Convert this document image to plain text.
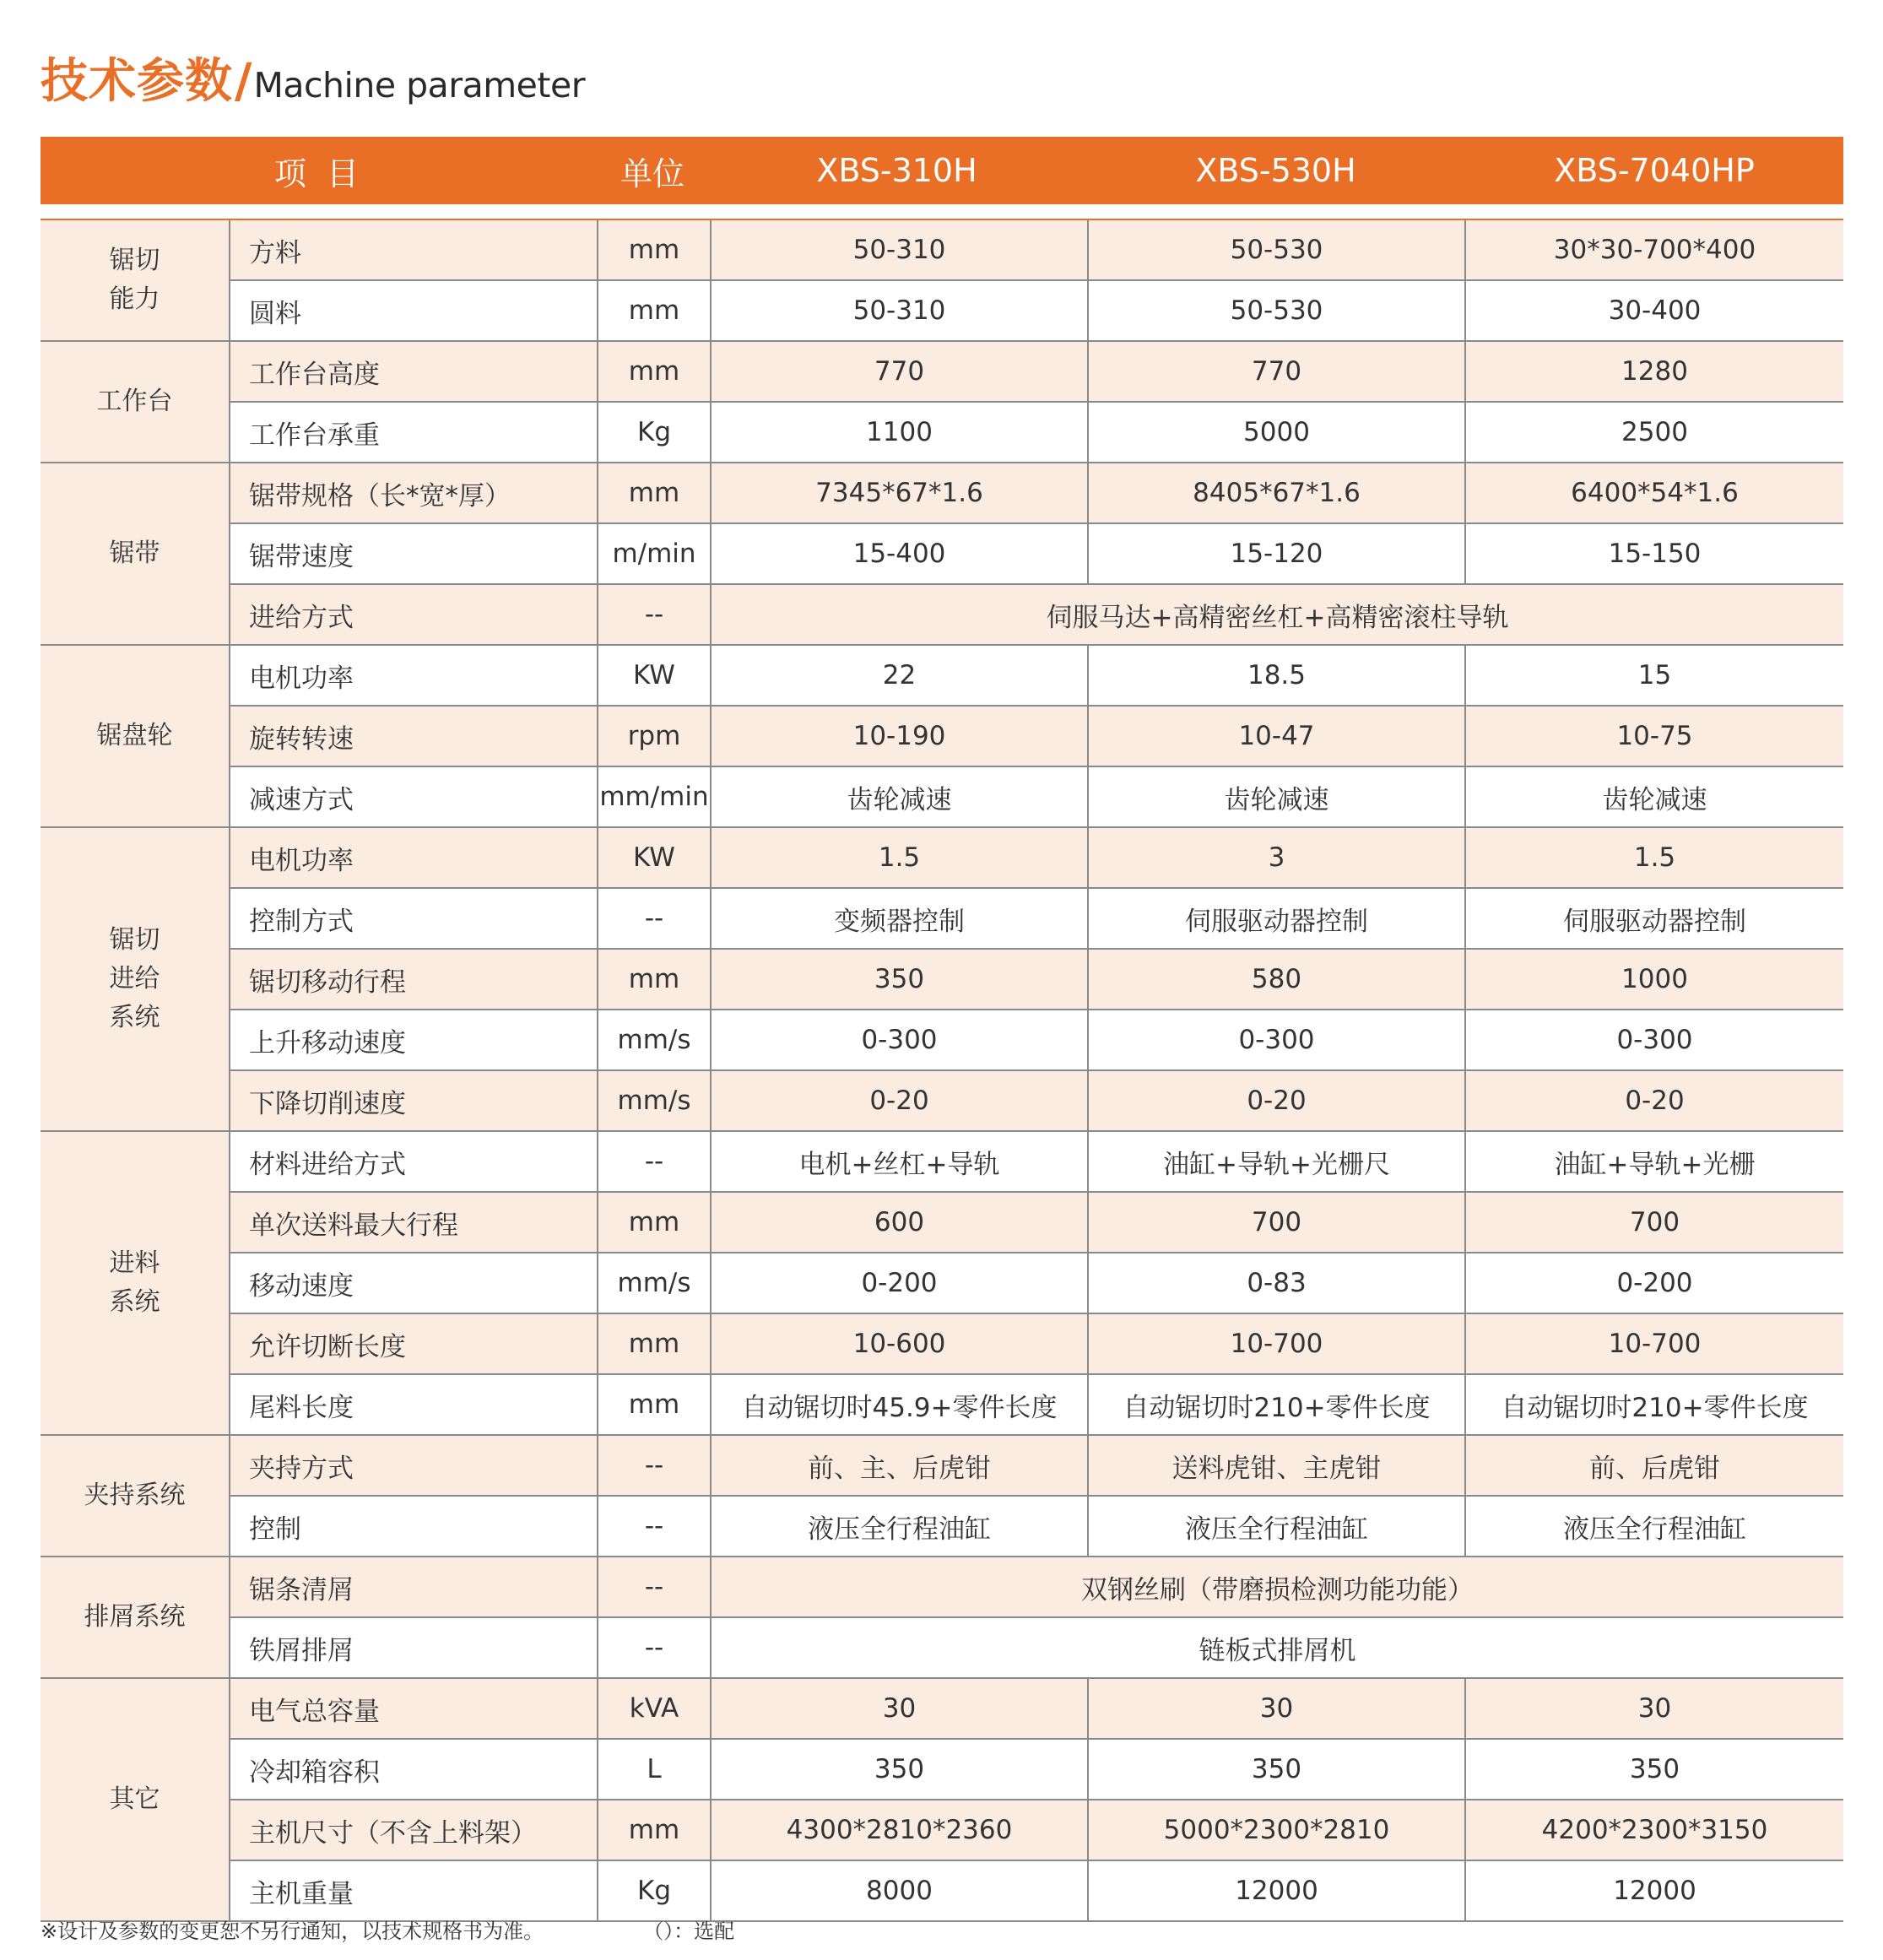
技术参数 / Machine parameter
项 目	单位	XBS-310H	XBS-530H	XBS-7040HP
锯切
能力	方料	mm	50-310	50-530	30*30-700*400
	圆料	mm	50-310	50-530	30-400

工作台	工作台高度	mm	770	770	1280
	工作台承重	Kg	1100	5000	2500

锯带	锯带规格（长*宽*厚）	mm	7345*67*1.6	8405*67*1.6	6400*54*1.6
	锯带速度	m/min	15-400	15-120	15-150
	进给方式	--	伺服马达+高精密丝杠+高精密滚柱导轨		

锯盘轮	电机功率	KW	22	18.5	15
	旋转转速	rpm	10-190	10-47	10-75
	减速方式	mm/min	齿轮减速	齿轮减速	齿轮减速

锯切
进给
系统	电机功率	KW	1.5	3	1.5
	控制方式	--	变频器控制	伺服驱动器控制	伺服驱动器控制
	锯切移动行程	mm	350	580	1000
	上升移动速度	mm/s	0-300	0-300	0-300
	下降切削速度	mm/s	0-20	0-20	0-20

进料
系统	材料进给方式	--	电机+丝杠+导轨	油缸+导轨+光栅尺	油缸+导轨+光栅
	单次送料最大行程	mm	600	700	700
	移动速度	mm/s	0-200	0-83	0-200
	允许切断长度	mm	10-600	10-700	10-700
	尾料长度	mm	自动锯切时45.9+零件长度	自动锯切时210+零件长度	自动锯切时210+零件长度

夹持系统	夹持方式	--	前、主、后虎钳	送料虎钳、主虎钳	前、后虎钳
	控制	--	液压全行程油缸	液压全行程油缸	液压全行程油缸

排屑系统	锯条清屑	--	双钢丝刷（带磨损检测功能功能）		
	铁屑排屑	--	链板式排屑机		

其它	电气总容量	kVA	30	30	30
	冷却箱容积	L	350	350	350
	主机尺寸（不含上料架）	mm	4300*2810*2360	5000*2300*2810	4200*2300*3150
	主机重量	Kg	8000	12000	12000
※设计及参数的变更恕不另行通知，以技术规格书为准。	（）：选配
